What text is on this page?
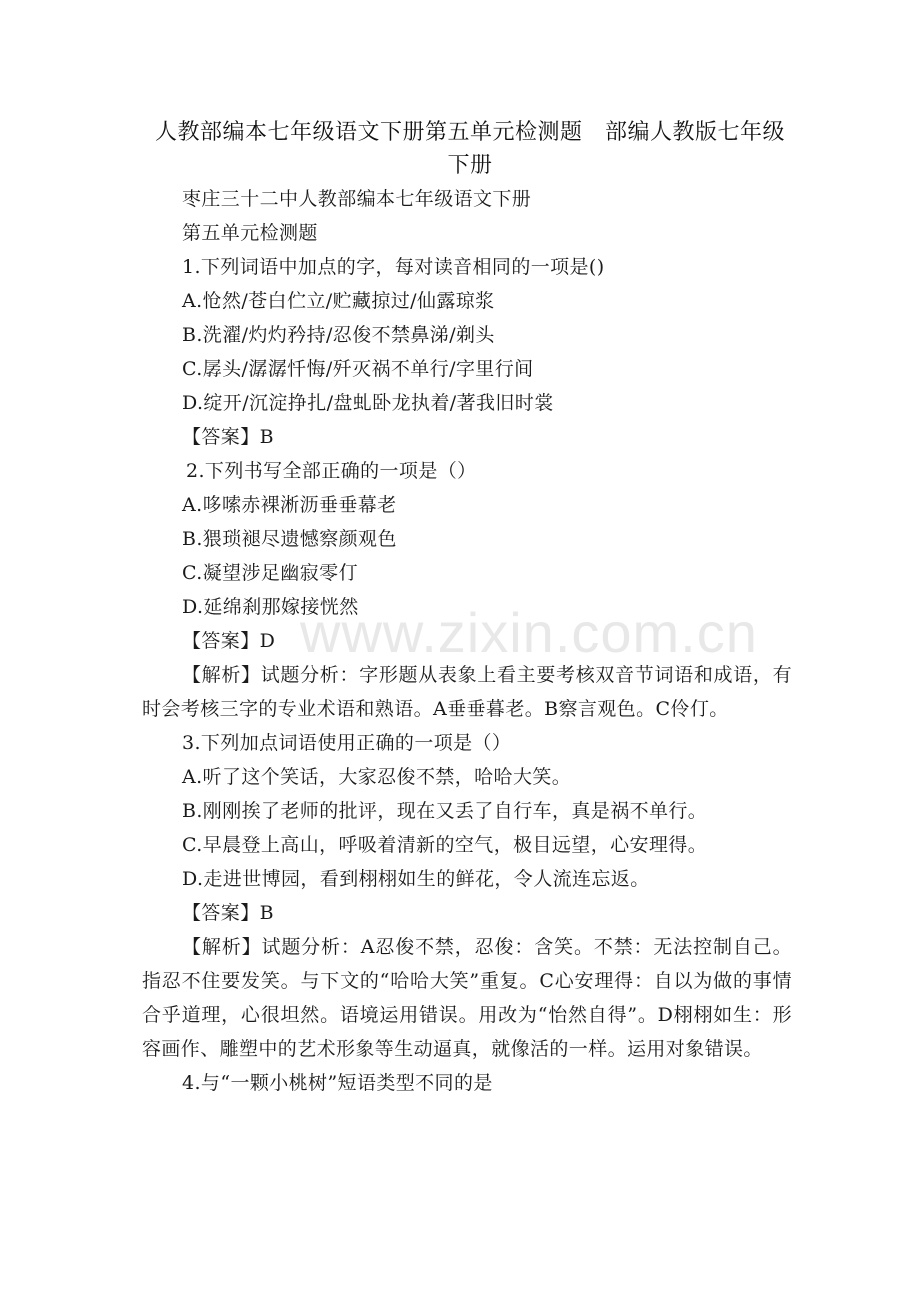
人教部编本七年级语文下册第五单元检测题　部编人教版七年级下册
枣庄三十二中人教部编本七年级语文下册
第五单元检测题
1.下列词语中加点的字，每对读音相同的一项是()
A.怆然/苍白伫立/贮藏掠过/仙露琼浆
B.洗濯/灼灼矜持/忍俊不禁鼻涕/剃头
C.孱头/潺潺忏悔/歼灭祸不单行/字里行间
D.绽开/沉淀挣扎/盘虬卧龙执着/著我旧时裳
【答案】B
2.下列书写全部正确的一项是（）
A.哆嗦赤裸淅沥垂垂幕老
B.猥琐褪尽遗憾察颜观色
C.凝望涉足幽寂零仃
D.延绵刹那嫁接恍然
【答案】D
【解析】试题分析：字形题从表象上看主要考核双音节词语和成语，有时会考核三字的专业术语和熟语。A垂垂暮老。B察言观色。C伶仃。
3.下列加点词语使用正确的一项是（）
A.听了这个笑话，大家忍俊不禁，哈哈大笑。
B.刚刚挨了老师的批评，现在又丢了自行车，真是祸不单行。
C.早晨登上高山，呼吸着清新的空气，极目远望，心安理得。
D.走进世博园，看到栩栩如生的鲜花，令人流连忘返。
【答案】B
【解析】试题分析：A忍俊不禁，忍俊：含笑。不禁：无法控制自己。指忍不住要发笑。与下文的“哈哈大笑”重复。C心安理得：自以为做的事情合乎道理，心很坦然。语境运用错误。用改为“怡然自得”。D栩栩如生：形容画作、雕塑中的艺术形象等生动逼真，就像活的一样。运用对象错误。
4.与“一颗小桃树”短语类型不同的是
www.zixin.com.cn
